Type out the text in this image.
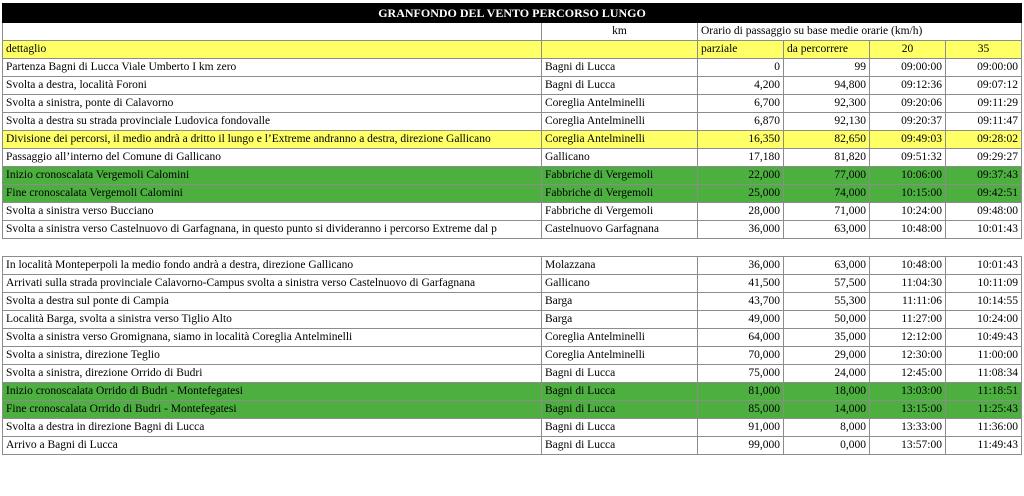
GRANFONDO DEL VENTO PERCORSO LUNGO					
	km	Orario di passaggio su base medie orarie (km/h)			
dettaglio		parziale	da percorrere	20	35
Partenza Bagni di Lucca Viale Umberto I km zero	Bagni di Lucca	0	99	09:00:00	09:00:00
Svolta a destra, località Foroni	Bagni di Lucca	4,200	94,800	09:12:36	09:07:12
Svolta a sinistra, ponte di Calavorno	Coreglia Antelminelli	6,700	92,300	09:20:06	09:11:29
Svolta a destra su strada provinciale Ludovica fondovalle	Coreglia Antelminelli	6,870	92,130	09:20:37	09:11:47
Divisione dei percorsi, il medio andrà a dritto il lungo e l’Extreme andranno a destra, direzione Gallicano	Coreglia Antelminelli	16,350	82,650	09:49:03	09:28:02
Passaggio all’interno del Comune di Gallicano	Gallicano	17,180	81,820	09:51:32	09:29:27
Inizio cronoscalata Vergemoli Calomini	Fabbriche di Vergemoli	22,000	77,000	10:06:00	09:37:43
Fine cronoscalata Vergemoli Calomini	Fabbriche di Vergemoli	25,000	74,000	10:15:00	09:42:51
Svolta a sinistra verso Bucciano	Fabbriche di Vergemoli	28,000	71,000	10:24:00	09:48:00
Svolta a sinistra verso Castelnuovo di Garfagnana, in questo punto si divideranno i percorso Extreme dal p	Castelnuovo Garfagnana	36,000	63,000	10:48:00	10:01:43

In località Monteperpoli la medio fondo andrà a destra, direzione Gallicano	Molazzana	36,000	63,000	10:48:00	10:01:43
Arrivati sulla strada provinciale Calavorno-Campus svolta a sinistra verso Castelnuovo di Garfagnana	Gallicano	41,500	57,500	11:04:30	10:11:09
Svolta a destra sul ponte di Campia	Barga	43,700	55,300	11:11:06	10:14:55
Località Barga, svolta a sinistra verso Tiglio Alto	Barga	49,000	50,000	11:27:00	10:24:00
Svolta a sinistra verso Gromignana, siamo in località Coreglia Antelminelli	Coreglia Antelminelli	64,000	35,000	12:12:00	10:49:43
Svolta a sinistra, direzione Teglio	Coreglia Antelminelli	70,000	29,000	12:30:00	11:00:00
Svolta a sinistra, direzione Orrido di Budri	Bagni di Lucca	75,000	24,000	12:45:00	11:08:34
Inizio cronoscalata Orrido di Budri - Montefegatesi	Bagni di Lucca	81,000	18,000	13:03:00	11:18:51
Fine cronoscalata Orrido di Budri - Montefegatesi	Bagni di Lucca	85,000	14,000	13:15:00	11:25:43
Svolta a destra in direzione Bagni di Lucca	Bagni di Lucca	91,000	8,000	13:33:00	11:36:00
Arrivo a Bagni di Lucca	Bagni di Lucca	99,000	0,000	13:57:00	11:49:43
